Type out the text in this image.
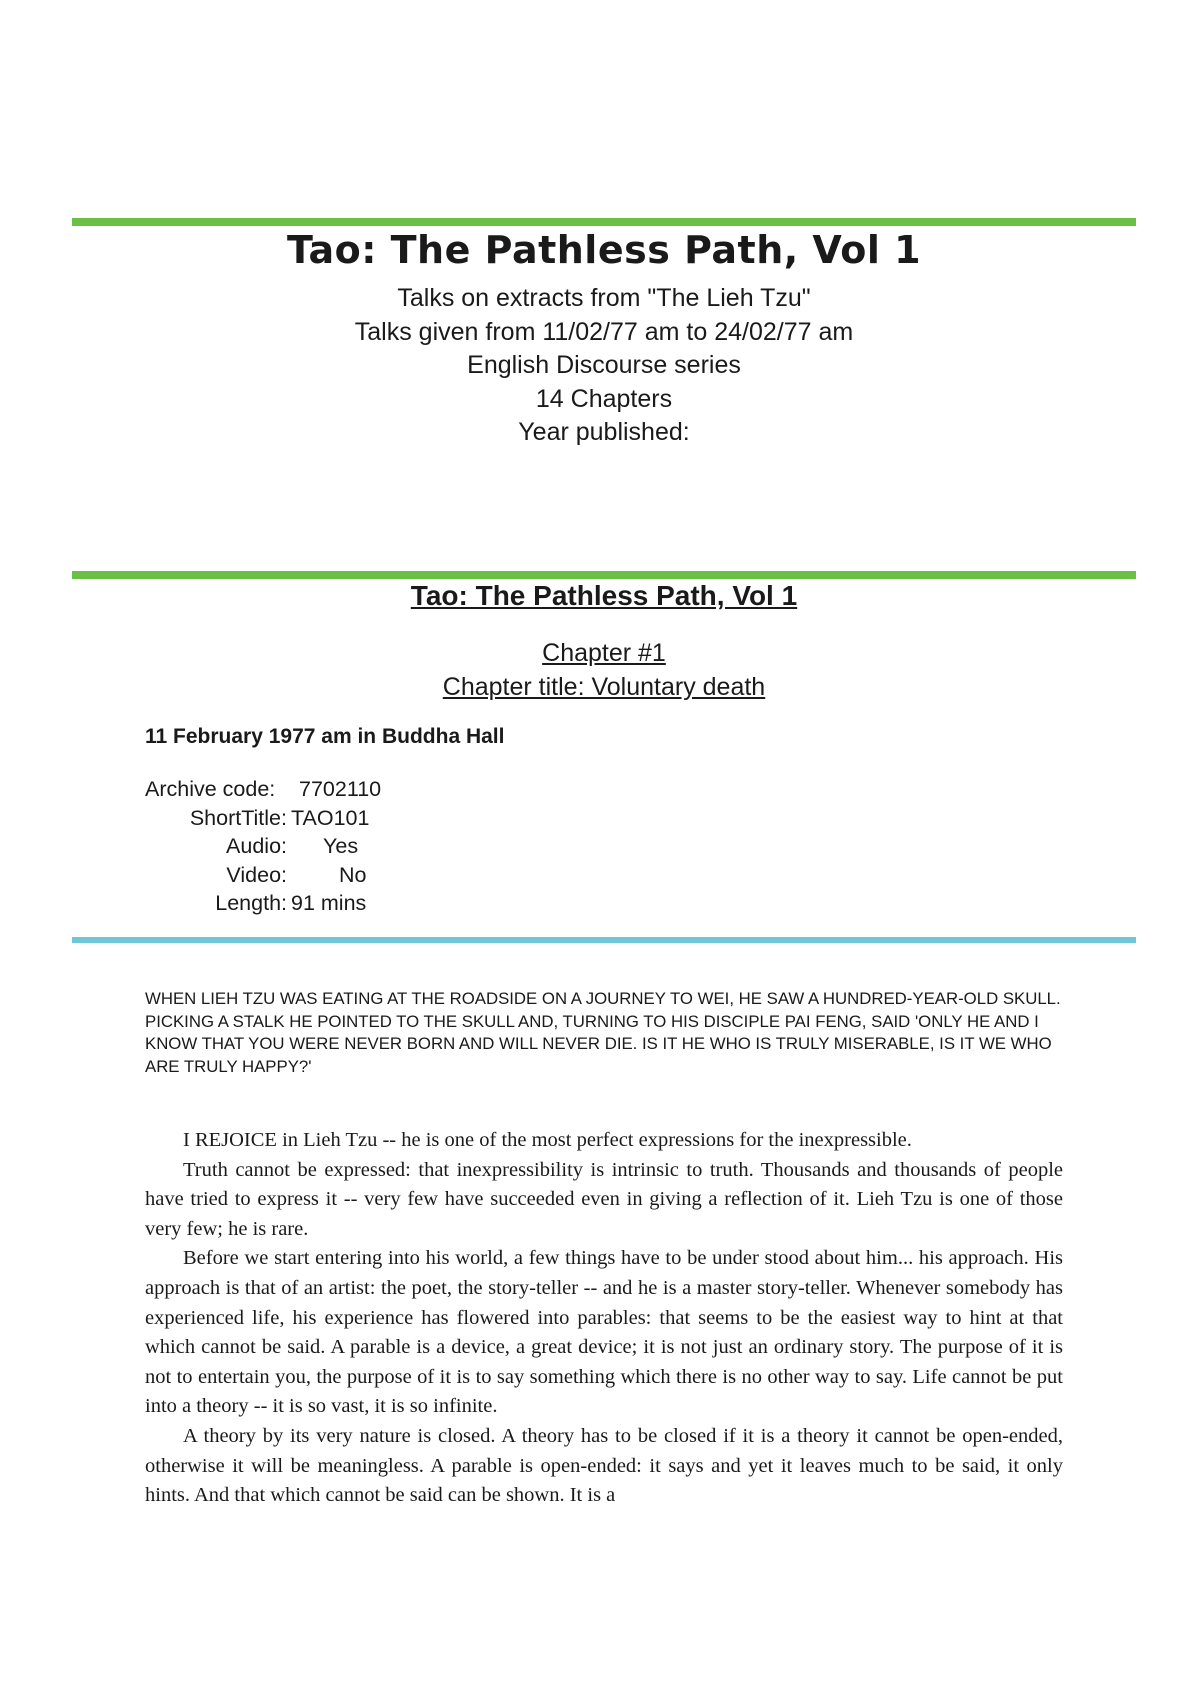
Tao: The Pathless Path, Vol 1
Talks on extracts from "The Lieh Tzu"
Talks given from 11/02/77 am to 24/02/77 am
English Discourse series
14 Chapters
Year published:
Tao: The Pathless Path, Vol 1
Chapter #1
Chapter title: Voluntary death
11 February 1977 am in Buddha Hall
Archive code:	7702110
ShortTitle: TAO101
Audio:	Yes
Video:	No
Length: 91 mins
WHEN LIEH TZU WAS EATING AT THE ROADSIDE ON A JOURNEY TO WEI, HE SAW A HUNDRED-YEAR-OLD SKULL. PICKING A STALK HE POINTED TO THE SKULL AND, TURNING TO HIS DISCIPLE PAI FENG, SAID 'ONLY HE AND I KNOW THAT YOU WERE NEVER BORN AND WILL NEVER DIE. IS IT HE WHO IS TRULY MISERABLE, IS IT WE WHO ARE TRULY HAPPY?'

I REJOICE in Lieh Tzu -- he is one of the most perfect expressions for the inexpressible.

Truth cannot be expressed: that inexpressibility is intrinsic to truth. Thousands and thousands of people have tried to express it -- very few have succeeded even in giving a reflection of it. Lieh Tzu is one of those very few; he is rare.

Before we start entering into his world, a few things have to be under stood about him... his approach. His approach is that of an artist: the poet, the story-teller -- and he is a master story-teller. Whenever somebody has experienced life, his experience has flowered into parables: that seems to be the easiest way to hint at that which cannot be said. A parable is a device, a great device; it is not just an ordinary story. The purpose of it is not to entertain you, the purpose of it is to say something which there is no other way to say. Life cannot be put into a theory -- it is so vast, it is so infinite.

A theory by its very nature is closed. A theory has to be closed if it is a theory it cannot be open-ended, otherwise it will be meaningless. A parable is open-ended: it says and yet it leaves much to be said, it only hints. And that which cannot be said can be shown. It is a
